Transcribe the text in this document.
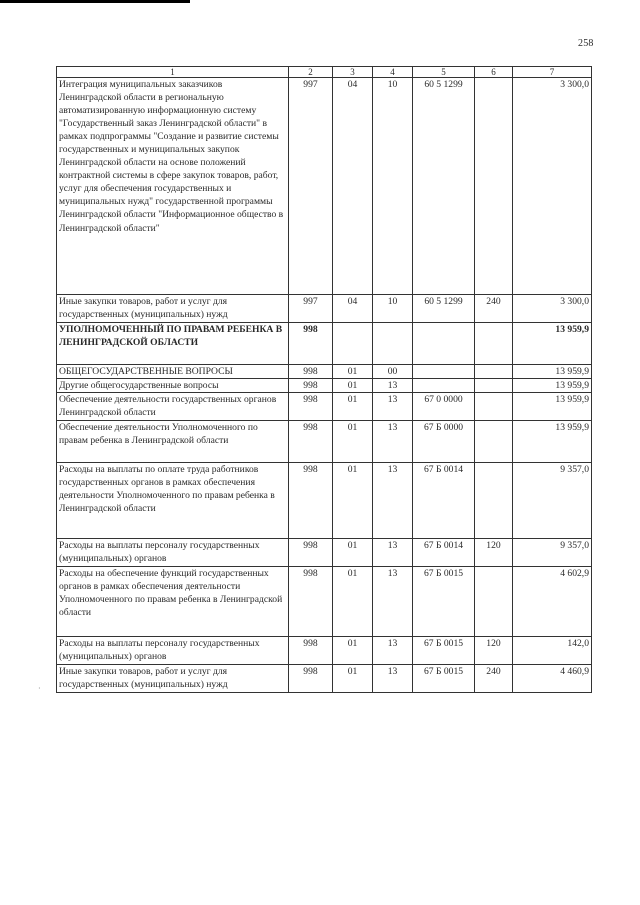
258
·
1	2	3	4	5	6	7
Интеграция муниципальных заказчиков Ленинградской области в региональную автоматизированную информационную систему "Государственный заказ Ленинградской области" в рамках подпрограммы "Создание и развитие системы государственных и муниципальных закупок Ленинградской области на основе положений контрактной системы в сфере закупок товаров, работ, услуг для обеспечения государственных и муниципальных нужд" государственной программы Ленинградской области "Информационное общество в Ленинградской области"	997	04	10	60 5 1299		3 300,0
Иные закупки товаров, работ и услуг для государственных (муниципальных) нужд	997	04	10	60 5 1299	240	3 300,0
УПОЛНОМОЧЕННЫЙ ПО ПРАВАМ РЕБЕНКА В ЛЕНИНГРАДСКОЙ ОБЛАСТИ	998					13 959,9
ОБЩЕГОСУДАРСТВЕННЫЕ ВОПРОСЫ	998	01	00			13 959,9
Другие общегосударственные вопросы	998	01	13			13 959,9
Обеспечение деятельности государственных органов Ленинградской области	998	01	13	67 0 0000		13 959,9
Обеспечение деятельности Уполномоченного по правам ребенка в Ленинградской области	998	01	13	67 Б 0000		13 959,9
Расходы на выплаты по оплате труда работников государственных органов в рамках обеспечения деятельности Уполномоченного по правам ребенка в Ленинградской области	998	01	13	67 Б 0014		9 357,0
Расходы на выплаты персоналу государственных (муниципальных) органов	998	01	13	67 Б 0014	120	9 357,0
Расходы на обеспечение функций государственных органов в рамках обеспечения деятельности Уполномоченного по правам ребенка в Ленинградской области	998	01	13	67 Б 0015		4 602,9
Расходы на выплаты персоналу государственных (муниципальных) органов	998	01	13	67 Б 0015	120	142,0
Иные закупки товаров, работ и услуг для государственных (муниципальных) нужд	998	01	13	67 Б 0015	240	4 460,9
